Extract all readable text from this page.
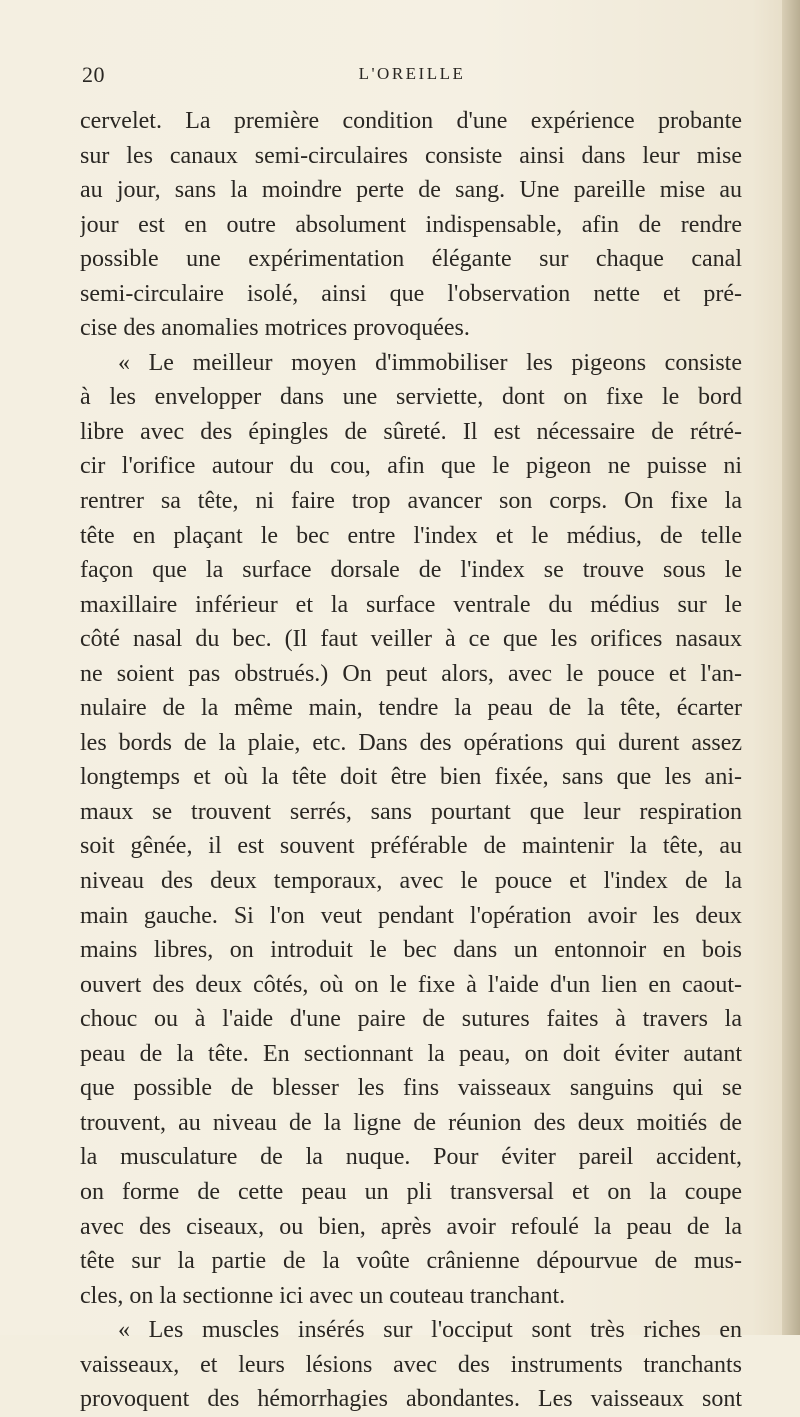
20	L'OREILLE
cervelet. La première condition d'une expérience probante
sur les canaux semi-circulaires consiste ainsi dans leur mise
au jour, sans la moindre perte de sang. Une pareille mise au
jour est en outre absolument indispensable, afin de rendre
possible une expérimentation élégante sur chaque canal
semi-circulaire isolé, ainsi que l'observation nette et pré-
cise des anomalies motrices provoquées.
« Le meilleur moyen d'immobiliser les pigeons consiste
à les envelopper dans une serviette, dont on fixe le bord
libre avec des épingles de sûreté. Il est nécessaire de rétré-
cir l'orifice autour du cou, afin que le pigeon ne puisse ni
rentrer sa tête, ni faire trop avancer son corps. On fixe la
tête en plaçant le bec entre l'index et le médius, de telle
façon que la surface dorsale de l'index se trouve sous le
maxillaire inférieur et la surface ventrale du médius sur le
côté nasal du bec. (Il faut veiller à ce que les orifices nasaux
ne soient pas obstrués.) On peut alors, avec le pouce et l'an-
nulaire de la même main, tendre la peau de la tête, écarter
les bords de la plaie, etc. Dans des opérations qui durent assez
longtemps et où la tête doit être bien fixée, sans que les ani-
maux se trouvent serrés, sans pourtant que leur respiration
soit gênée, il est souvent préférable de maintenir la tête, au
niveau des deux temporaux, avec le pouce et l'index de la
main gauche. Si l'on veut pendant l'opération avoir les deux
mains libres, on introduit le bec dans un entonnoir en bois
ouvert des deux côtés, où on le fixe à l'aide d'un lien en caout-
chouc ou à l'aide d'une paire de sutures faites à travers la
peau de la tête. En sectionnant la peau, on doit éviter autant
que possible de blesser les fins vaisseaux sanguins qui se
trouvent, au niveau de la ligne de réunion des deux moitiés de
la musculature de la nuque. Pour éviter pareil accident,
on forme de cette peau un pli transversal et on la coupe
avec des ciseaux, ou bien, après avoir refoulé la peau de la
tête sur la partie de la voûte crânienne dépourvue de mus-
cles, on la sectionne ici avec un couteau tranchant.
« Les muscles insérés sur l'occiput sont très riches en
vaisseaux, et leurs lésions avec des instruments tranchants
provoquent des hémorrhagies abondantes. Les vaisseaux sont
